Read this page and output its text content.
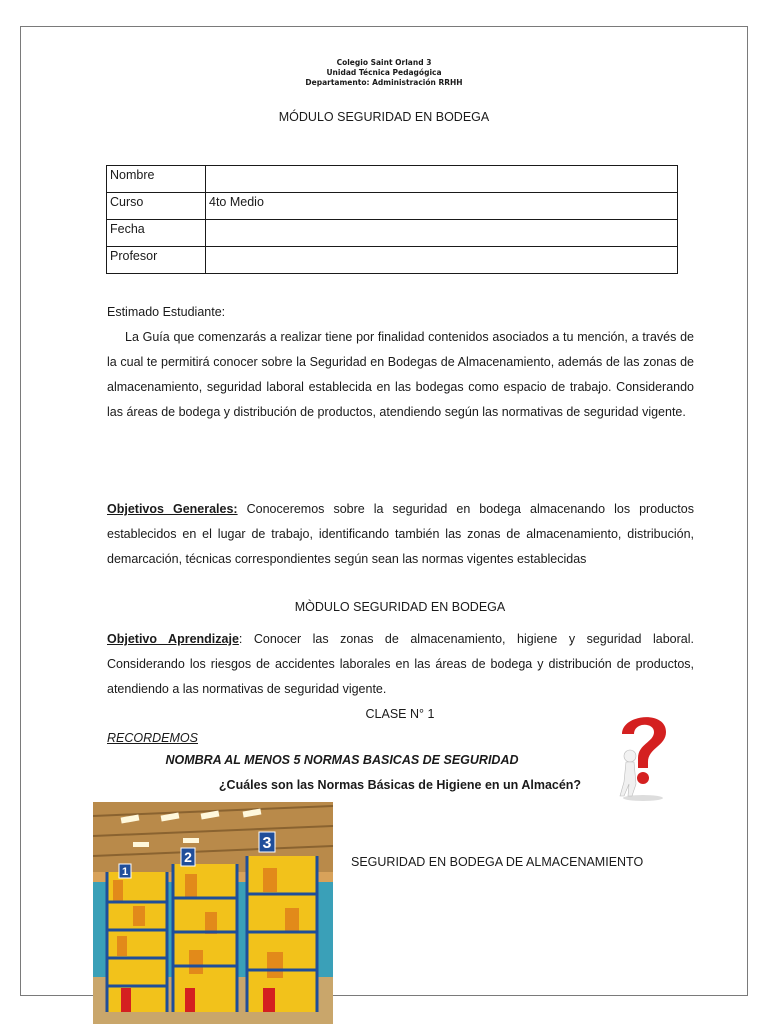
Colegio Saint Orland 3
Unidad Técnica Pedagógica
Departamento: Administración RRHH
MÓDULO SEGURIDAD EN BODEGA
Nombre	
Curso	4to Medio
Fecha	
Profesor	
Estimado Estudiante:
La Guía que comenzarás a realizar tiene por finalidad contenidos asociados a tu mención, a través de la cual te permitirá conocer sobre la Seguridad en Bodegas de Almacenamiento, además de las zonas de almacenamiento, seguridad laboral establecida en las bodegas como espacio de trabajo. Considerando las áreas de bodega y distribución de productos, atendiendo según las normativas de seguridad vigente.
Objetivos Generales: Conoceremos sobre la seguridad en bodega almacenando los productos establecidos en el lugar de trabajo, identificando también las zonas de almacenamiento, distribución, demarcación, técnicas correspondientes según sean las normas vigentes establecidas
MÒDULO SEGURIDAD EN BODEGA
Objetivo Aprendizaje: Conocer las zonas de almacenamiento, higiene y seguridad laboral. Considerando los riesgos de accidentes laborales en las áreas de bodega y distribución de productos, atendiendo a las normativas de seguridad vigente.
CLASE N° 1
RECORDEMOS
NOMBRA AL MENOS 5 NORMAS BASICAS DE SEGURIDAD
¿Cuáles son las Normas Básicas de Higiene en un Almacén?
1
2
3
SEGURIDAD EN BODEGA DE ALMACENAMIENTO
